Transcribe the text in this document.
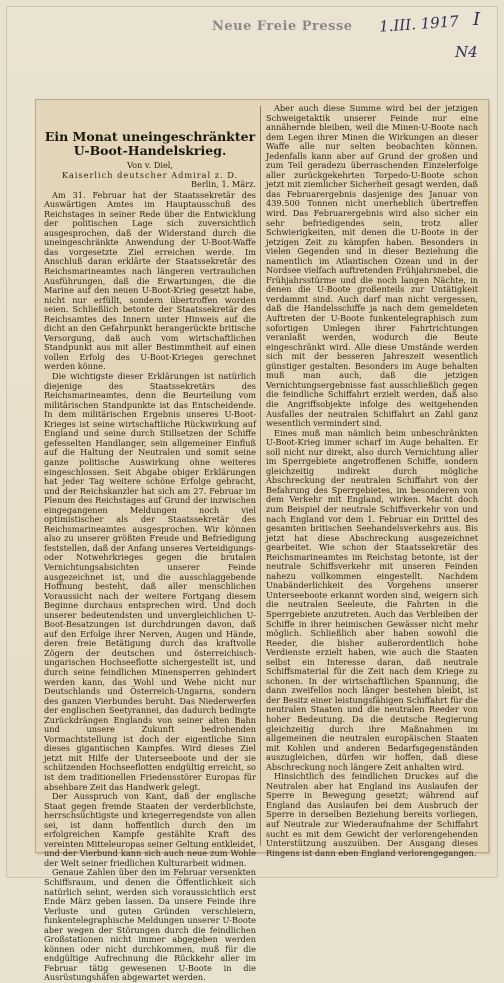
Neue Freie Presse 1.III. 1917 I
N4
Ein Monat uneingeschränkter U-Boot-Handelskrieg.

Von v. Diel,

Kaiserlich deutscher Admiral z. D.

Berlin, 1. März.

Am 31. Februar hat der Staatssekretär des Auswärtigen Amtes im Hauptausschuß des Reichstages in seiner Rede über die Entwicklung der politischen Lage sich zuversichtlich ausgesprochen, daß der Widerstand durch die uneingeschränkte Anwendung der U-Boot-Waffe das vorgesetzte Ziel erreichen werde. Im Anschluß daran erklärte der Staatssekretär des Reichsmarineamtes nach längeren vertraulichen Ausführungen, daß die Erwartungen, die die Marine auf den neuen U-Boot-Krieg gesetzt habe, nicht nur erfüllt, sondern übertroffen worden seien. Schließlich betonte der Staatssekretär des Reichsamtes des Innern unter Hinweis auf die dicht an den Gefahrpunkt herangerückte britische Versorgung, daß auch vom wirtschaftlichen Standpunkt aus mit aller Bestimmtheit auf einen vollen Erfolg des U-Boot-Krieges gerechnet werden könne.

Die wichtigste dieser Erklärungen ist natürlich diejenige des Staatssekretärs des Reichsmarineamtes, denn die Beurteilung vom militärischen Standpunkte ist das Entscheidende. In dem militärischen Ergebnis unseres U-Boot-Krieges ist seine wirtschaftliche Rückwirkung auf England und seine durch Stillsetzen der Schiffe gefesselten Handlanger, sein allgemeiner Einfluß auf die Haltung der Neutralen und somit seine ganze politische Auswirkung ohne weiteres eingeschlossen. Seit Abgabe obiger Erklärungen hat jeder Tag weitere schöne Erfolge gebracht, und der Reichskanzler hat sich am 27. Februar im Plenum des Reichstages auf Grund der inzwischen eingegangenen Meldungen noch viel optimistischer als der Staatssekretär des Reichsmarineamtes ausgesprochen. Wir können also zu unserer größten Freude und Befriedigung feststellen, daß der Anfang unseres Verteidigungs- oder Notwehrkrieges gegen die brutalen Vernichtungsabsichten unserer Feinde ausgezeichnet ist, und die ausschlaggebende Hoffnung besteht, daß aller menschlichen Voraussicht nach der weitere Fortgang diesem Beginne durchaus entsprechen wird. Und doch unserer bedeutendsten und unvergleichlichen U-Boot-Besatzungen ist durchdrungen davon, daß auf den Erfolge ihrer Nerven, Augen und Hände, deren freie Betätigung durch das kraftvolle Zögern der deutschen und österreichisch-ungarischen Hochseeflotte sichergestellt ist, und durch seine feindlichen Minensperren gehindert werden kann, das Wohl und Wehe nicht nur Deutschlands und Österreich-Ungarns, sondern des ganzen Vierbundes beruht. Das Niederwerfen der englischen Seetyrannei, das dadurch bedingte Zurückdrängen Englands von seiner alten Bahn und unsere Zukunft bedrohenden Vormachtstellung ist doch der eigentliche Sinn dieses gigantischen Kampfes. Wird dieses Ziel jetzt mit Hilfe der Unterseeboote und der sie schützenden Hochseeflotten endgültig erreicht, so ist dem traditionellen Friedensstörer Europas für absehbare Zeit das Handwerk gelegt.

Der Ausspruch von Kant, daß der englische Staat gegen fremde Staaten der verderblichste, herrschsüchtigste und kriegerregendste von allen sei, ist dann hoffentlich durch den im erfolgreichen Kampfe gestählte Kraft des vereinten Mitteleuropas seiner Geltung entkleidet, und der Vierbund kann sich auch neue zum Wohle der Welt seiner friedlichen Kulturarbeit widmen.

Genaue Zahlen über den im Februar versenkten Schiffsraum, und denen die Öffentlichkeit sich natürlich sehnt, werden sich voraussichtlich erst Ende März geben lassen. Da unsere Feinde ihre Verluste und guten Gründen verschleiern, funkentelegraphische Meldungen unserer U-Boote aber wegen der Störungen durch die feindlichen Großstationen nicht immer abgegeben werden können oder nicht durchkommen, muß für die endgültige Aufrechnung die Rückkehr aller im Februar tätig gewesenen U-Boote in die Ausrüstungshäfen abgewartet werden.

Aber auch diese Summe wird bei der jetzigen Schweigetaktik unserer Feinde nur eine annähernde bleiben, weil die Minen-U-Boote nach dem Legen ihrer Minen die Wirkungen an dieser Waffe alle nur selten beobachten können. Jedenfalls kann aber auf Grund der großen und zum Teil geradezu überraschenden Einzelerfolge aller zurückgekehrten Torpedo-U-Boote schon jetzt mit ziemlicher Sicherheit gesagt werden, daß das Februarergebnis dasjenige des Januar von 439.500 Tonnen nicht unerheblich übertreffen wird. Das Februarergebnis wird also sicher ein sehr befriedigendes sein, trotz aller Schwierigkeiten, mit denen die U-Boote in der jetzigen Zeit zu kämpfen haben. Besonders in vielen Gegenden und in dieser Beziehung die namentlich im Atlantischen Ozean und in der Nordsee vielfach auftretenden Frühjahrsnebel, die Frühjahrsstürme und die noch langen Nächte, in denen die U-Boote großenteils zur Untätigkeit verdammt sind. Auch darf man nicht vergessen, daß die Handelsschiffe ja nach dem gemeldeten Auftreten der U-Boote funkentelegraphisch zum sofortigen Umlegen ihrer Fahrtrichtungen veranlaßt werden, wodurch die Beute eingeschränkt wird. Alle diese Umstände werden sich mit der besseren Jahreszeit wesentlich günstiger gestalten. Besonders im Auge behalten muß man auch, daß die jetzigen Vernichtungsergebnisse fast ausschließlich gegen die feindliche Schiffahrt erzielt werden, daß also die Angriffsobjekte infolge des weitgehenden Ausfalles der neutralen Schiffahrt an Zahl ganz wesentlich vermindert sind.

Eines muß man nämlich beim unbeschränkten U-Boot-Krieg immer scharf im Auge behalten. Er soll nicht nur direkt, also durch Vernichtung aller im Sperrgebiete angetroffenen Schiffe, sondern gleichzeitig indirekt durch mögliche Abschreckung der neutralen Schiffahrt von der Befahrung des Sperrgebietes, im besonderen von dem Verkehr mit England, wirken. Macht doch zum Beispiel der neutrale Schiffsverkehr von und nach England vor dem 1. Februar ein Drittel des gesamten britischen Seehandelsverkehrs aus. Bis jetzt hat diese Abschreckung ausgezeichnet gearbeitet. Wie schon der Staatssekretär des Reichsmarineamtes im Reichstag betonte, ist der neutrale Schiffsverkehr mit unseren Feinden nahezu vollkommen eingestellt. Nachdem Unabänderlichkeit des Vorgehens unserer Unterseeboote erkannt worden sind, weigern sich die neutralen Seeleute, die Fahrten in die Sperrgebiete anzutreten. Auch das Verbleiben der Schiffe in ihrer heimischen Gewässer nicht mehr möglich. Schließlich aber haben sowohl die Reeder, die bisher außerordentlich hohe Verdienste erzielt haben, wie auch die Staaten selbst ein Interesse daran, daß neutrale Schiffsmaterial für die Zeit nach dem Kriege zu schonen. In der wirtschaftlichen Spannung, die dann zweifellos noch länger bestehen bleibt, ist der Besitz einer leistungsfähigen Schiffahrt für die neutralen Staaten und die neutralen Reeder von hoher Bedeutung. Da die deutsche Regierung gleichzeitig durch ihre Maßnahmen im allgemeinen die neutralen europäischen Staaten mit Kohlen und anderen Bedarfsgegenständen auszugleichen, dürfen wir hoffen, daß diese Abschreckung noch längere Zeit anhalten wird.

Hinsichtlich des feindlichen Druckes auf die Neutralen aber hat England ins Auslaufen der Sperre in Bewegung gesetzt; während auf England das Auslaufen bei dem Ausbruch der Sperre in derselben Beziehung bereits vorliegen, auf Neutrale zur Wiederaufnahme der Schiffahrt sucht es mit dem Gewicht der verlorengehenden Unterstützung auszuüben. Der Ausgang dieses Ringens ist dann eben England verlorengegangen.
